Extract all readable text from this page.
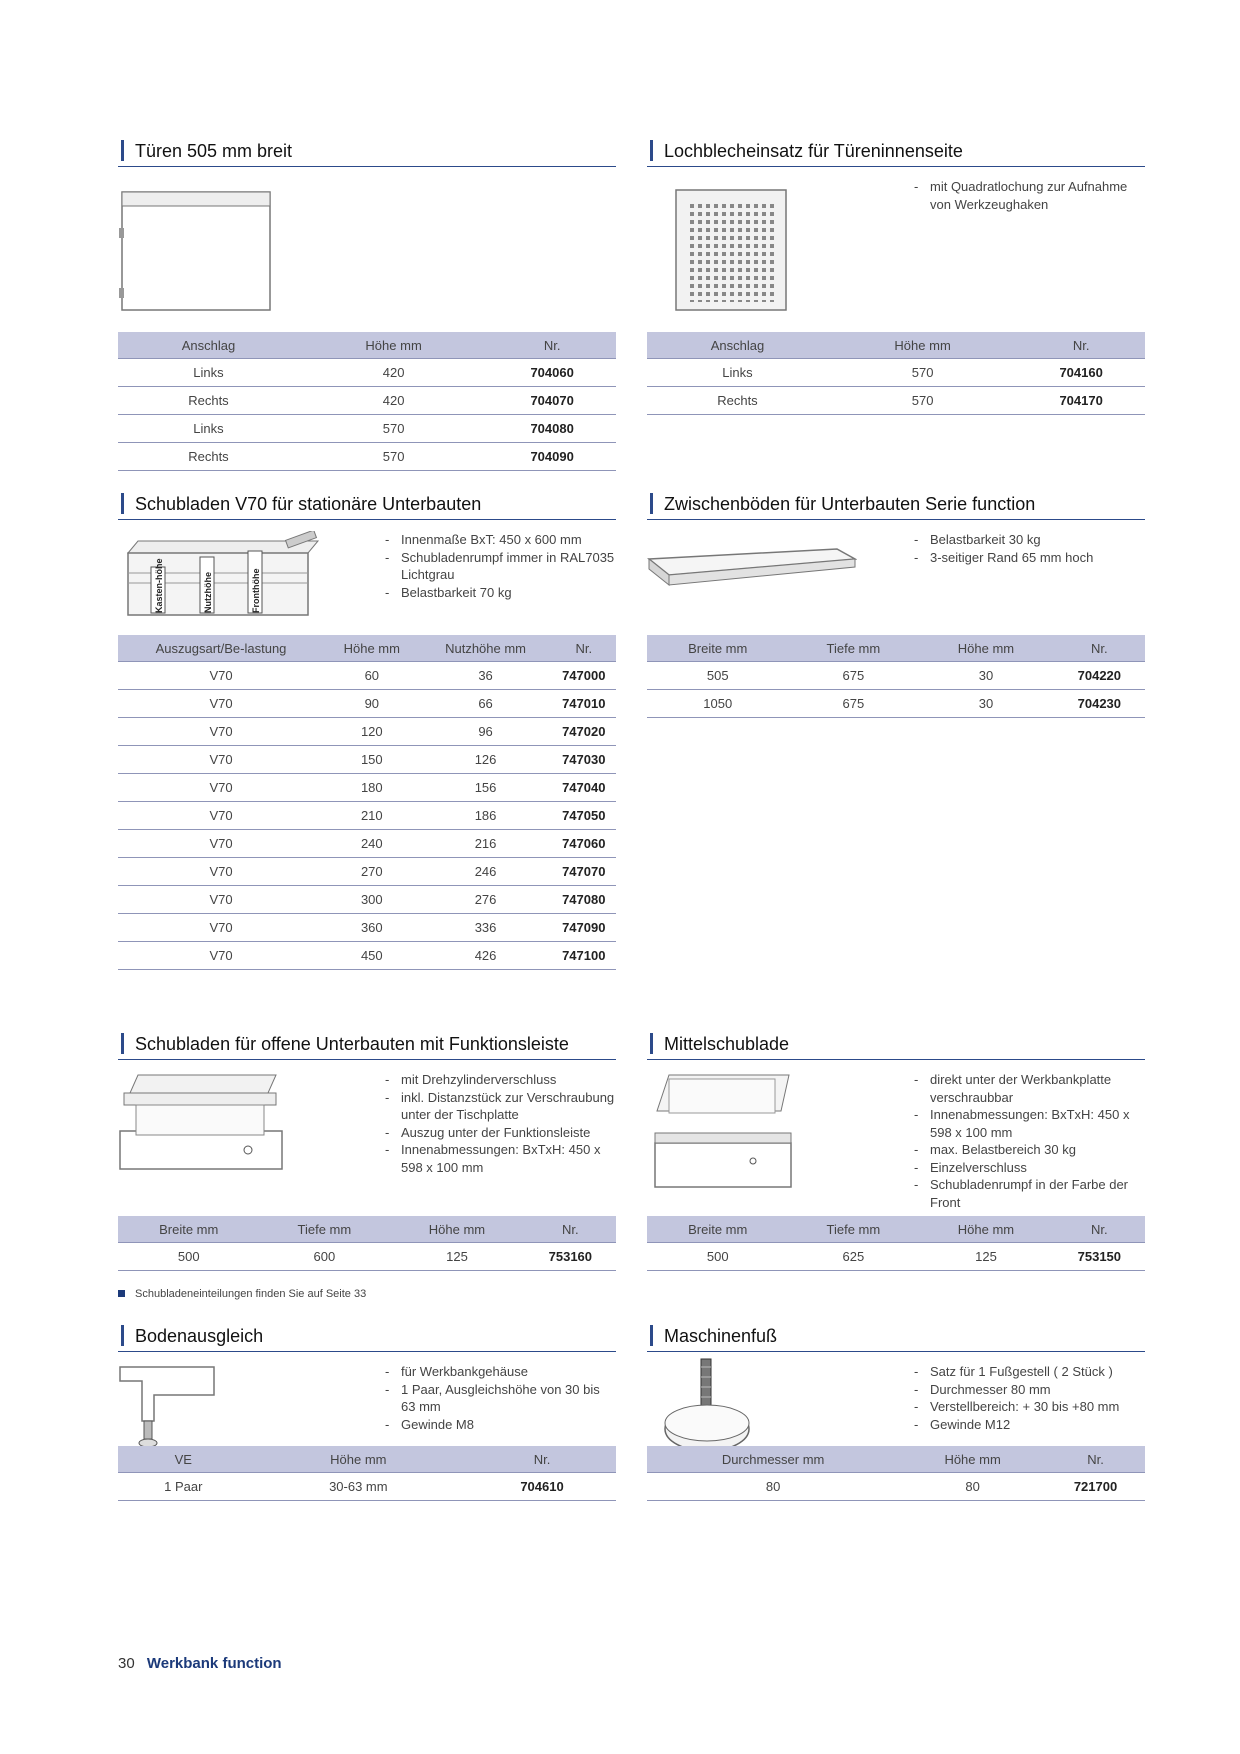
Türen 505 mm breit
Anschlag	Höhe mm	Nr.
Links	420	704060
Rechts	420	704070
Links	570	704080
Rechts	570	704090
Lochblecheinsatz für Türeninnenseite
- mit Quadratlochung zur Aufnahme von Werkzeughaken
Anschlag	Höhe mm	Nr.
Links	570	704160
Rechts	570	704170
Schubladen V70 für stationäre Unterbauten
Kasten-höhe	Nutzhöhe	Fronthöhe
- Innenmaße BxT: 450 x 600 mm
- Schubladenrumpf immer in RAL7035 Lichtgrau
- Belastbarkeit 70 kg
Auszugsart/Be-lastung	Höhe mm	Nutzhöhe mm	Nr.
V70	60	36	747000
V70	90	66	747010
V70	120	96	747020
V70	150	126	747030
V70	180	156	747040
V70	210	186	747050
V70	240	216	747060
V70	270	246	747070
V70	300	276	747080
V70	360	336	747090
V70	450	426	747100
Zwischenböden für Unterbauten Serie function
- Belastbarkeit 30 kg
- 3-seitiger Rand 65 mm hoch
Breite mm	Tiefe mm	Höhe mm	Nr.
505	675	30	704220
1050	675	30	704230
Schubladen für offene Unterbauten mit Funktionsleiste
- mit Drehzylinderverschluss
- inkl. Distanzstück zur Verschraubung unter der Tischplatte
- Auszug unter der Funktionsleiste
- Innenabmessungen: BxTxH: 450 x 598 x 100 mm
Breite mm	Tiefe mm	Höhe mm	Nr.
500	600	125	753160
Mittelschublade
- direkt unter der Werkbankplatte verschraubbar
- Innenabmessungen: BxTxH: 450 x 598 x 100 mm
- max. Belastbereich 30 kg
- Einzelverschluss
- Schubladenrumpf in der Farbe der Front
Breite mm	Tiefe mm	Höhe mm	Nr.
500	625	125	753150
Schubladeneinteilungen finden Sie auf Seite 33
Bodenausgleich
- für Werkbankgehäuse
- 1 Paar, Ausgleichshöhe von 30 bis 63 mm
- Gewinde M8
VE	Höhe mm	Nr.
1 Paar	30-63 mm	704610
Maschinenfuß
- Satz für 1 Fußgestell ( 2 Stück )
- Durchmesser 80 mm
- Verstellbereich: + 30 bis +80 mm
- Gewinde M12
Durchmesser mm	Höhe mm	Nr.
80	80	721700
30 Werkbank function
